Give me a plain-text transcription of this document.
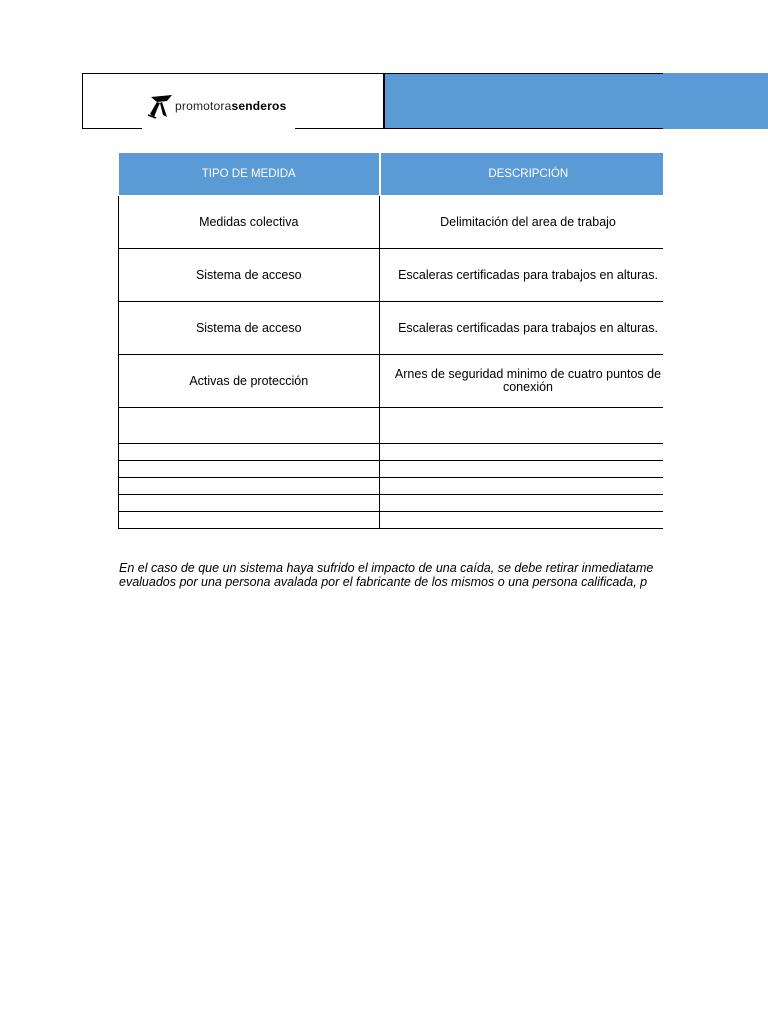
promotorasenderos
TIPO DE MEDIDA	DESCRIPCIÓN
Medidas colectiva	Delimitación del area de trabajo
Sistema de acceso	Escaleras certificadas para trabajos en alturas.
Sistema de acceso	Escaleras certificadas para trabajos en alturas.
Activas de protección	Arnes de seguridad minimo de cuatro puntos de conexión

En el caso de que un sistema haya sufrido el impacto de una caída, se debe retirar inmediatame
evaluados por una persona avalada por el fabricante de los mismos o una persona calificada, p
